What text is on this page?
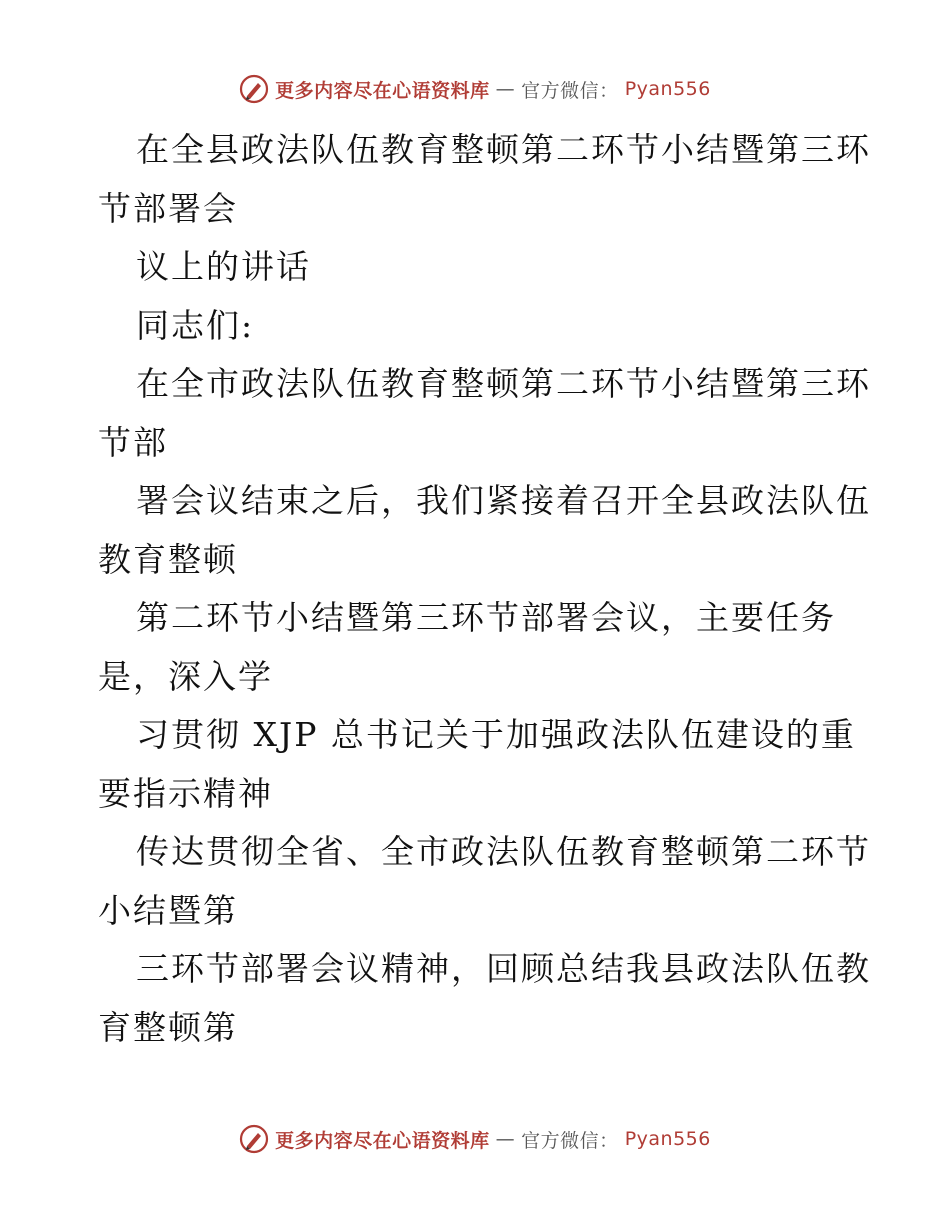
更多内容尽在心语资料库 — 官方微信： Pyan556

在全县政法队伍教育整顿第二环节小结暨第三环

节部署会

议上的讲话

同志们:

在全市政法队伍教育整顿第二环节小结暨第三环

节部

署会议结束之后，我们紧接着召开全县政法队伍

教育整顿

第二环节小结暨第三环节部署会议，主要任务

是，深入学

习贯彻 XJP 总书记关于加强政法队伍建设的重

要指示精神

传达贯彻全省、全市政法队伍教育整顿第二环节

小结暨第

三环节部署会议精神，回顾总结我县政法队伍教

育整顿第

更多内容尽在心语资料库 — 官方微信： Pyan556
